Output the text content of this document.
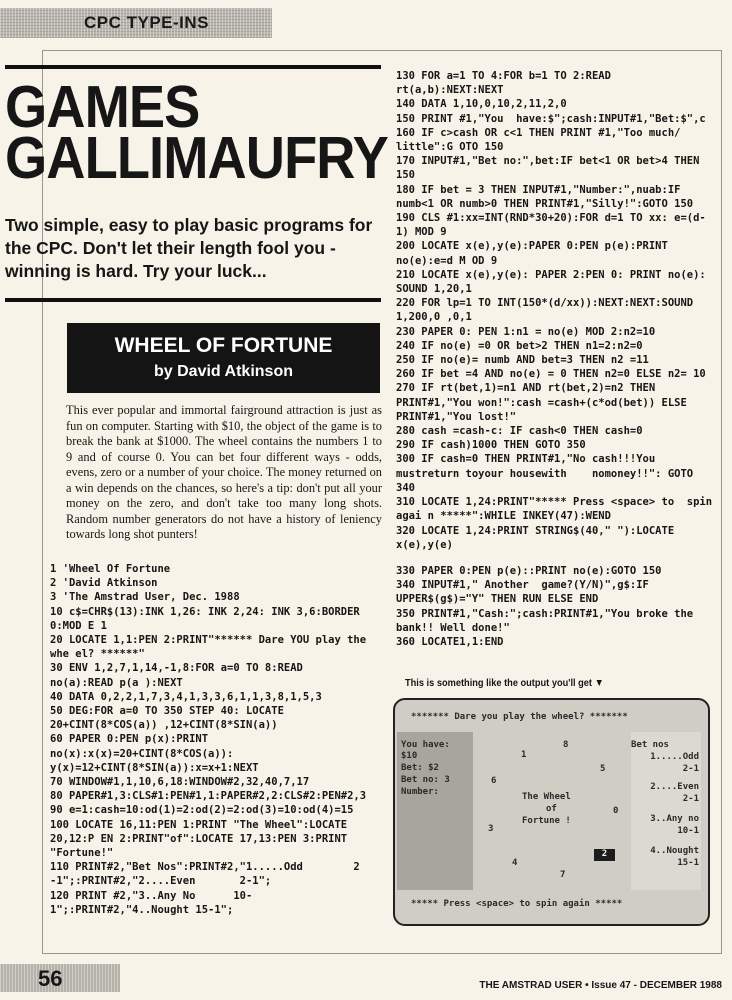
CPC TYPE-INS
GAMES
GALLIMAUFRY

Two simple, easy to play basic programs for the CPC. Don't let their length fool you - winning is hard. Try your luck...

WHEEL OF FORTUNE
by David Atkinson

This ever popular and immortal fairground attraction is just as fun on computer. Starting with $10, the object of the game is to break the bank at $1000. The wheel contains the numbers 1 to 9 and of course 0. You can bet four different ways - odds, evens, zero or a number of your choice. The money returned on a win depends on the chances, so here's a tip: don't put all your money on the zero, and don't take too many long shots. Random number generators do not have a history of leniency towards long shot punters!

1 'Wheel Of Fortune
2 'David Atkinson
3 'The Amstrad User, Dec. 1988
10 c$=CHR$(13):INK 1,26: INK 2,24: INK 3,6:BORDER 0:MOD E 1
20 LOCATE 1,1:PEN 2:PRINT"****** Dare YOU play the whe el? ******"
30 ENV 1,2,7,1,14,-1,8:FOR a=0 TO 8:READ no(a):READ p(a ):NEXT
40 DATA 0,2,2,1,7,3,4,1,3,3,6,1,1,3,8,1,5,3
50 DEG:FOR a=0 TO 350 STEP 40: LOCATE 20+CINT(8*COS(a)) ,12+CINT(8*SIN(a))
60 PAPER 0:PEN p(x):PRINT no(x):x(x)=20+CINT(8*COS(a)): y(x)=12+CINT(8*SIN(a)):x=x+1:NEXT
70 WINDOW#1,1,10,6,18:WINDOW#2,32,40,7,17
80 PAPER#1,3:CLS#1:PEN#1,1:PAPER#2,2:CLS#2:PEN#2,3
90 e=1:cash=10:od(1)=2:od(2)=2:od(3)=10:od(4)=15
100 LOCATE 16,11:PEN 1:PRINT "The Wheel":LOCATE 20,12:P EN 2:PRINT"of":LOCATE 17,13:PEN 3:PRINT "Fortune!"
110 PRINT#2,"Bet Nos":PRINT#2,"1.....Odd        2 -1";:PRINT#2,"2....Even       2-1";
120 PRINT #2,"3..Any No      10-1";:PRINT#2,"4..Nought 15-1";
130 FOR a=1 TO 4:FOR b=1 TO 2:READ rt(a,b):NEXT:NEXT
140 DATA 1,10,0,10,2,11,2,0
150 PRINT #1,"You  have:$";cash:INPUT#1,"Bet:$",c
160 IF c>cash OR c<1 THEN PRINT #1,"Too much/ little":G OTO 150
170 INPUT#1,"Bet no:",bet:IF bet<1 OR bet>4 THEN 150
180 IF bet = 3 THEN INPUT#1,"Number:",nuab:IF numb<1 OR numb>0 THEN PRINT#1,"Silly!":GOTO 150
190 CLS #1:xx=INT(RND*30+20):FOR d=1 TO xx: e=(d-1) MOD 9
200 LOCATE x(e),y(e):PAPER 0:PEN p(e):PRINT no(e):e=d M OD 9
210 LOCATE x(e),y(e): PAPER 2:PEN 0: PRINT no(e): SOUND 1,20,1
220 FOR lp=1 TO INT(150*(d/xx)):NEXT:NEXT:SOUND 1,200,0 ,0,1
230 PAPER 0: PEN 1:n1 = no(e) MOD 2:n2=10
240 IF no(e) =0 OR bet>2 THEN n1=2:n2=0
250 IF no(e)= numb AND bet=3 THEN n2 =11
260 IF bet =4 AND no(e) = 0 THEN n2=0 ELSE n2= 10
270 IF rt(bet,1)=n1 AND rt(bet,2)=n2 THEN PRINT#1,"You won!":cash =cash+(c*od(bet)) ELSE PRINT#1,"You lost!"
280 cash =cash-c: IF cash<0 THEN cash=0
290 IF cash)1000 THEN GOTO 350
300 IF cash=0 THEN PRINT#1,"No cash!!!You   mustreturn toyour housewith    nomoney!!": GOTO 340
310 LOCATE 1,24:PRINT"***** Press <space> to  spin agai n *****":WHILE INKEY(47):WEND
320 LOCATE 1,24:PRINT STRING$(40," "):LOCATE x(e),y(e)
330 PAPER 0:PEN p(e)::PRINT no(e):GOTO 150
340 INPUT#1," Another  game?(Y/N)",g$:IF UPPER$(g$)="Y" THEN RUN ELSE END
350 PRINT#1,"Cash:";cash:PRINT#1,"You broke the bank!! Well done!"
360 LOCATE1,1:END
This is something like the output you'll get ▼
******* Dare you play the wheel? *******

You have:

$10

Bet: $2

Bet no: 3

Number:

Bet nos

1.....Odd

2-1

2....Even

2-1

3..Any no

10-1

4..Nought

15-1

8
1
5
6
0
3
4
7
2
The Wheel
of
Fortune !
***** Press <space> to spin again *****
56	THE AMSTRAD USER • Issue 47 - DECEMBER 1988
